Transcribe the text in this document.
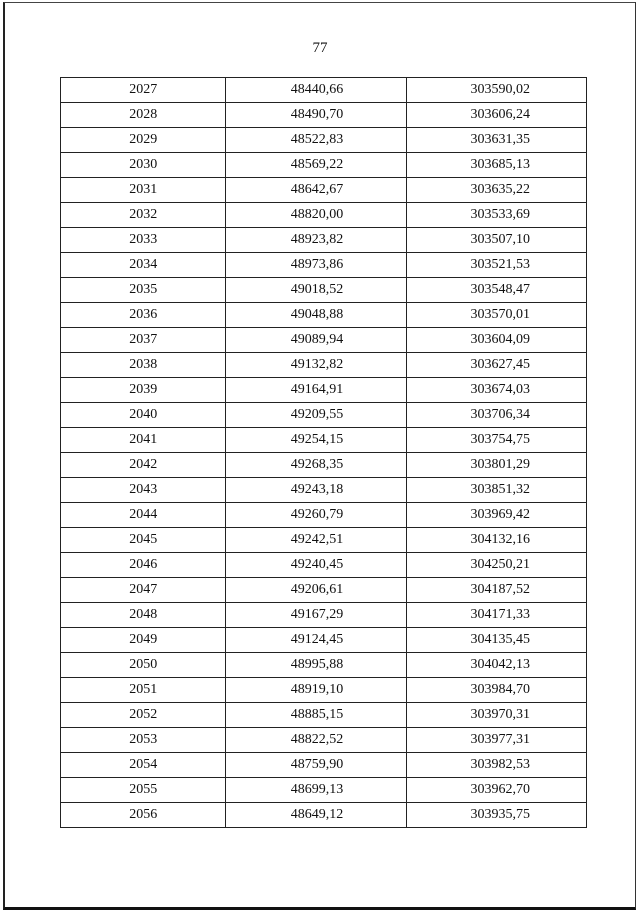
77
2027	48440,66	303590,02
2028	48490,70	303606,24
2029	48522,83	303631,35
2030	48569,22	303685,13
2031	48642,67	303635,22
2032	48820,00	303533,69
2033	48923,82	303507,10
2034	48973,86	303521,53
2035	49018,52	303548,47
2036	49048,88	303570,01
2037	49089,94	303604,09
2038	49132,82	303627,45
2039	49164,91	303674,03
2040	49209,55	303706,34
2041	49254,15	303754,75
2042	49268,35	303801,29
2043	49243,18	303851,32
2044	49260,79	303969,42
2045	49242,51	304132,16
2046	49240,45	304250,21
2047	49206,61	304187,52
2048	49167,29	304171,33
2049	49124,45	304135,45
2050	48995,88	304042,13
2051	48919,10	303984,70
2052	48885,15	303970,31
2053	48822,52	303977,31
2054	48759,90	303982,53
2055	48699,13	303962,70
2056	48649,12	303935,75
